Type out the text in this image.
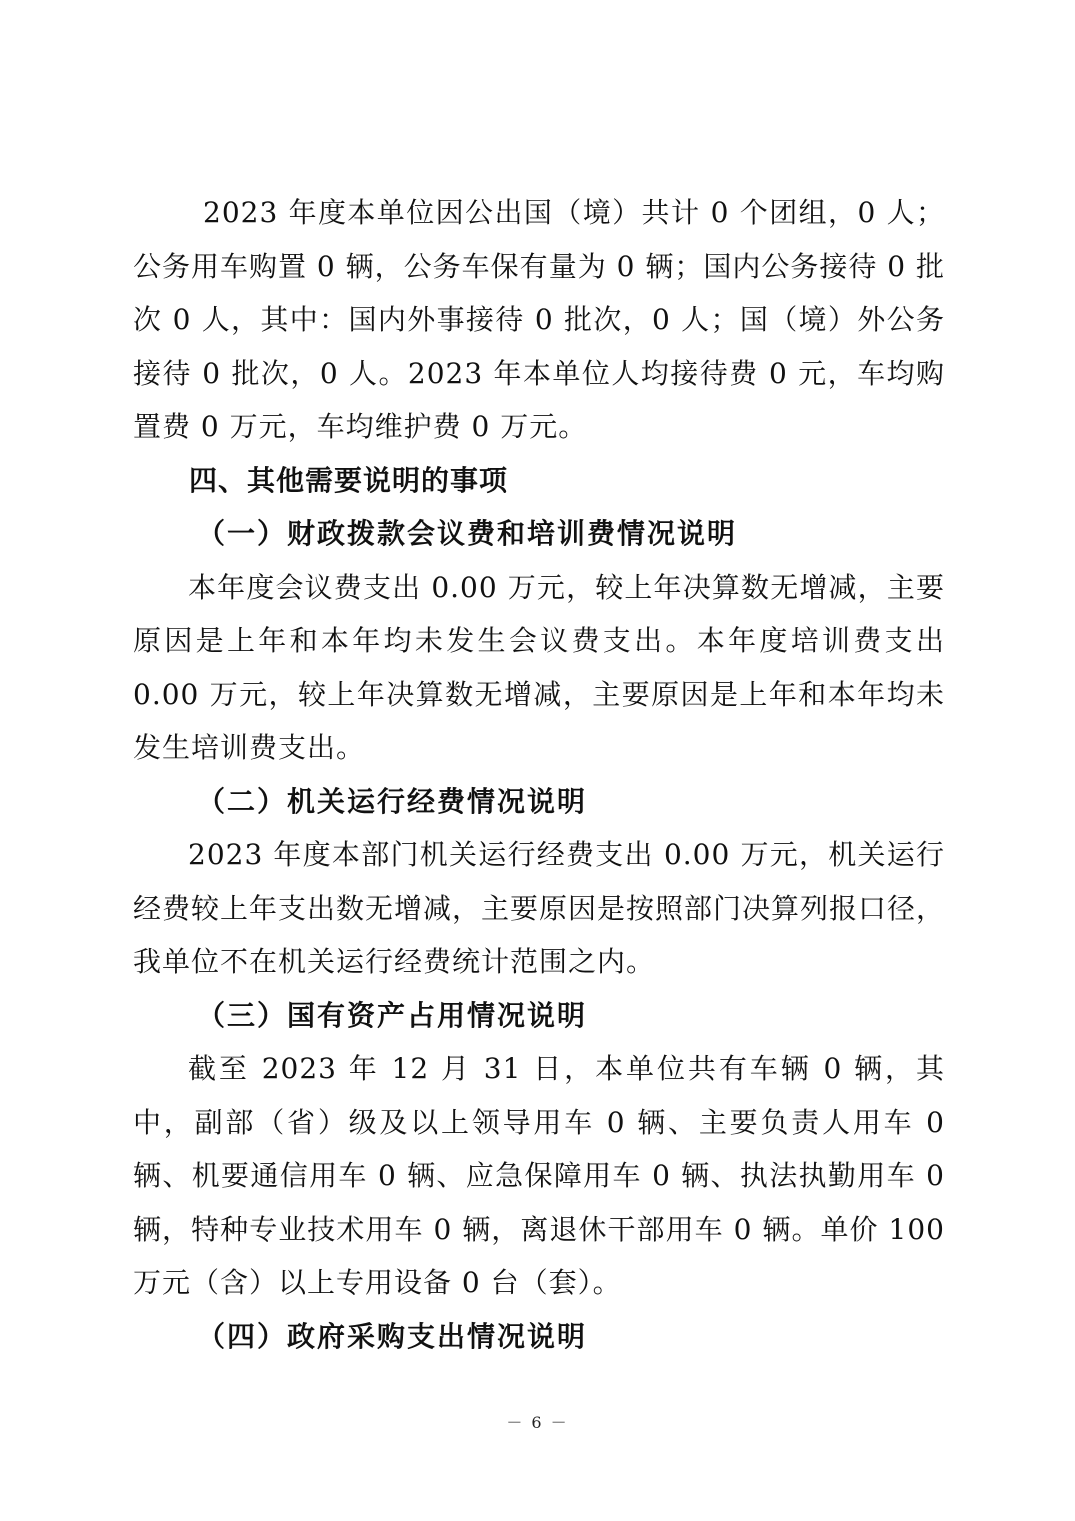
2023 年度本单位因公出国（境）共计 0 个团组，0 人；公务用车购置 0 辆，公务车保有量为 0 辆；国内公务接待 0 批次 0 人，其中：国内外事接待 0 批次，0 人；国（境）外公务接待 0 批次，0 人。2023 年本单位人均接待费 0 元，车均购置费 0 万元，车均维护费 0 万元。

四、其他需要说明的事项

（一）财政拨款会议费和培训费情况说明

本年度会议费支出 0.00 万元，较上年决算数无增减，主要原因是上年和本年均未发生会议费支出。本年度培训费支出 0.00 万元，较上年决算数无增减，主要原因是上年和本年均未发生培训费支出。

（二）机关运行经费情况说明

2023 年度本部门机关运行经费支出 0.00 万元，机关运行经费较上年支出数无增减，主要原因是按照部门决算列报口径，我单位不在机关运行经费统计范围之内。

（三）国有资产占用情况说明

截至 2023 年 12 月 31 日，本单位共有车辆 0 辆，其中，副部（省）级及以上领导用车 0 辆、主要负责人用车 0 辆、机要通信用车 0 辆、应急保障用车 0 辆、执法执勤用车 0 辆，特种专业技术用车 0 辆，离退休干部用车 0 辆。单价 100 万元（含）以上专用设备 0 台（套）。

（四）政府采购支出情况说明

－ 6 －
